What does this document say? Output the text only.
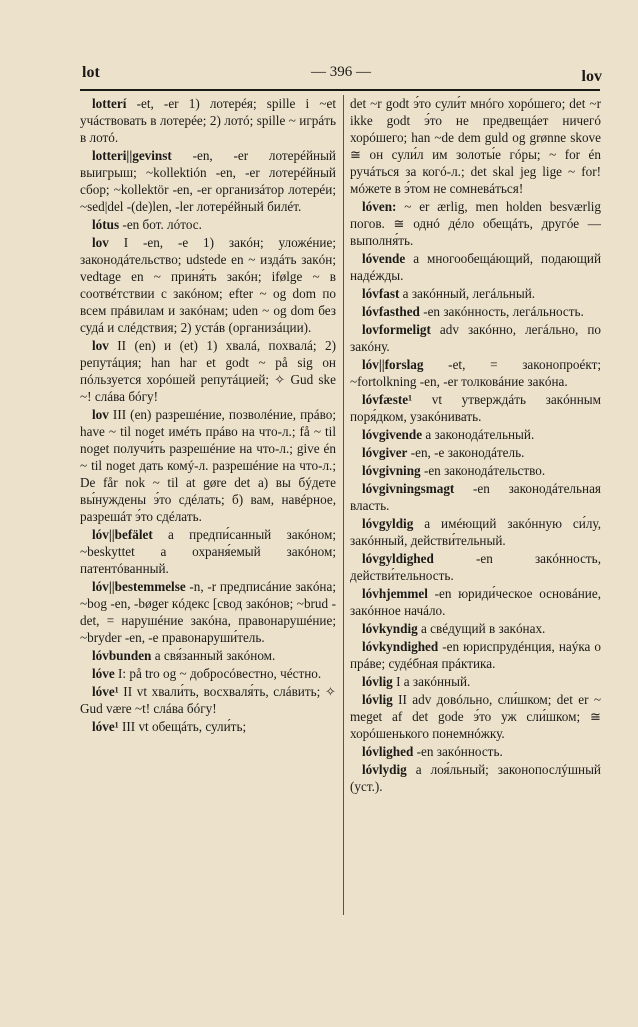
lot	— 396 —	lov

lotterí -et, -er 1) лотерéя; spille i ~et учáствовать в лотерéе; 2) лотó; spille ~ игрáть в лотó.

lotteri||gevinst -en, -er лотерéйный выигрыш; ~kollektión -en, -er лотерéйный сбор; ~kollektör -en, -er организáтор лотерéи; ~sed|del -(de)len, -ler лотерéйный билéт.

lótus -en бот. лóтос.

lov I -en, -e 1) закóн; уложéние; законодáтельство; udstede en ~ издáть закóн; vedtage en ~ приня́ть закóн; ifølge ~ в соотвéтствии с закóном; efter ~ og dom по всем прáвилам и закóнам; uden ~ og dom без судá и слéдствия; 2) устáв (организáции).

lov II (en) и (et) 1) хвалá, похвалá; 2) репутáция; han har et godt ~ på sig он пóльзуется хорóшей репутáцией; ✧ Gud ske ~! слáва бóгу!

lov III (en) разрешéние, позволéние, прáво; have ~ til noget имéть прáво на что-л.; få ~ til noget получи́ть разрешéние на что-л.; give én ~ til noget дать комý-л. разрешéние на что-л.; De får nok ~ til at gøre det а) вы бýдете вы́нуждены э́то сдéлать; б) вам, навéрное, разрешáт э́то сдéлать.

lóv||befälet а предпи́санный закóном; ~beskyttet а охраня́емый закóном; патентóванный.

lóv||bestemmelse -n, -r предписáние закóна; ~bog -en, -bøger кóдекс [свод закóнов; ~brud -det, = нарушéние закóна, правонарушéние; ~bryder -en, -e правонаруши́тель.

lóvbunden а свя́занный закóном.

lóve I: på tro og ~ добросóвестно, чéстно.

lóve¹ II vt хвали́ть, восхваля́ть, слáвить; ✧ Gud være ~t! слáва бóгу!

lóve¹ III vt обещáть, сули́ть;

det ~r godt э́то сули́т мнóго хорóшего; det ~r ikke godt э́то не предвещáет ничегó хорóшего; han ~de dem guld og grønne skove ≅ он сули́л им золоты́е гóры; ~ for én ручáться за когó-л.; det skal jeg lige ~ for! мóжете в э́том не сомневáться!

lóven: ~ er ærlig, men holden besværlig погов. ≅ однó дéло обещáть, другóе — выполня́ть.

lóvende а многообещáющий, подающий надéжды.

lóvfast а закóнный, легáльный.

lóvfasthed -en закóнность, легáльность.

lovformeligt adv закóнно, легáльно, по закóну.

lóv||forslag -et, = законопроéкт; ~fortolkning -en, -er толковáние закóна.

lóvfæste¹ vt утверждáть закóнным поря́дком, узакóнивать.

lóvgivende а законодáтельный.

lóvgiver -en, -e законодáтель.

lóvgivning -en законодáтельство.

lóvgivningsmagt -en законодáтельная власть.

lóvgyldig а имéющий закóнную си́лу, закóнный, действи́тельный.

lóvgyldighed -en закóнность, действи́тельность.

lóvhjemmel -en юриди́ческое основáние, закóнное начáло.

lóvkyndig а свéдущий в закóнах.

lóvkyndighed -en юриспрудéнция, наýка о прáве; судéбная прáктика.

lóvlig I а закóнный.

lóvlig II adv довóльно, сли́шком; det er ~ meget af det gode э́то уж сли́шком; ≅ хорóшенького понемнóжку.

lóvlighed -en закóнность.

lóvlydig а лоя́льный; законопослýшный (уст.).
